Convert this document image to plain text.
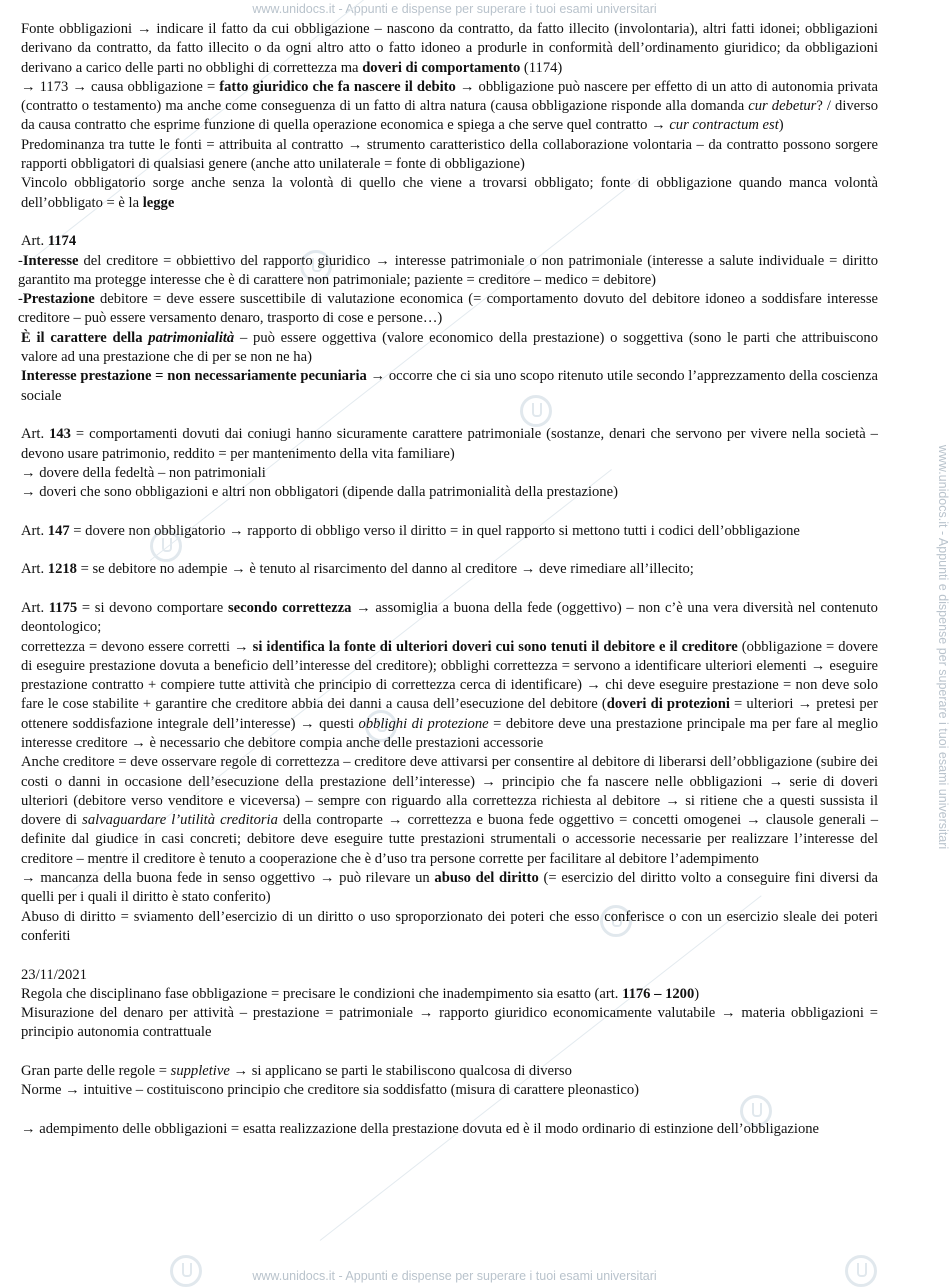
www.unidocs.it - Appunti e dispense per superare i tuoi esami universitari
www.unidocs.it - Appunti e dispense per superare i tuoi esami universitari
www.unidocs.it - Appunti e dispense per superare i tuoi esami universitari

Fonte obbligazioni → indicare il fatto da cui obbligazione – nascono da contratto, da fatto illecito (involontaria), altri fatti idonei; obbligazioni derivano da contratto, da fatto illecito o da ogni altro atto o fatto idoneo a produrle in conformità dell’ordinamento giuridico; da obbligazioni derivano a carico delle parti no obblighi di correttezza ma doveri di comportamento (1174)

→ 1173 → causa obbligazione = fatto giuridico che fa nascere il debito → obbligazione può nascere per effetto di un atto di autonomia privata (contratto o testamento) ma anche come conseguenza di un fatto di altra natura (causa obbligazione risponde alla domanda cur debetur? / diverso da causa contratto che esprime funzione di quella operazione economica e spiega a che serve quel contratto → cur contractum est)

Predominanza tra tutte le fonti = attribuita al contratto → strumento caratteristico della collaborazione volontaria – da contratto possono sorgere rapporti obbligatori di qualsiasi genere (anche atto unilaterale = fonte di obbligazione)

Vincolo obbligatorio sorge anche senza la volontà di quello che viene a trovarsi obbligato; fonte di obbligazione quando manca volontà dell’obbligato = è la legge

Art. 1174

-Interesse del creditore = obbiettivo del rapporto giuridico → interesse patrimoniale o non patrimoniale (interesse a salute individuale = diritto garantito ma protegge interesse che è di carattere non patrimoniale; paziente = creditore – medico = debitore)

-Prestazione debitore = deve essere suscettibile di valutazione economica (= comportamento dovuto del debitore idoneo a soddisfare interesse creditore – può essere versamento denaro, trasporto di cose e persone…)

È il carattere della patrimonialità – può essere oggettiva (valore economico della prestazione) o soggettiva (sono le parti che attribuiscono valore ad una prestazione che di per se non ne ha)

Interesse prestazione = non necessariamente pecuniaria → occorre che ci sia uno scopo ritenuto utile secondo l’apprezzamento della coscienza sociale

Art. 143 = comportamenti dovuti dai coniugi hanno sicuramente carattere patrimoniale (sostanze, denari che servono per vivere nella società – devono usare patrimonio, reddito = per mantenimento della vita familiare)

→ dovere della fedeltà – non patrimoniali

→ doveri che sono obbligazioni e altri non obbligatori (dipende dalla patrimonialità della prestazione)

Art. 147 = dovere non obbligatorio → rapporto di obbligo verso il diritto = in quel rapporto si mettono tutti i codici dell’obbligazione

Art. 1218 = se debitore no adempie → è tenuto al risarcimento del danno al creditore → deve rimediare all’illecito;

Art. 1175 = si devono comportare secondo correttezza → assomiglia a buona della fede (oggettivo) – non c’è una vera diversità nel contenuto deontologico;

correttezza = devono essere corretti → si identifica la fonte di ulteriori doveri cui sono tenuti il debitore e il creditore (obbligazione = dovere di eseguire prestazione dovuta a beneficio dell’interesse del creditore); obblighi correttezza = servono a identificare ulteriori elementi → eseguire prestazione contratto + compiere tutte attività che principio di correttezza cerca di identificare) → chi deve eseguire prestazione = non deve solo fare le cose stabilite + garantire che creditore abbia dei danni a causa dell’esecuzione del debitore (doveri di protezioni = ulteriori → pretesi per ottenere soddisfazione integrale dell’interesse) → questi obblighi di protezione = debitore deve una prestazione principale ma per fare al meglio interesse creditore → è necessario che debitore compia anche delle prestazioni accessorie

Anche creditore = deve osservare regole di correttezza – creditore deve attivarsi per consentire al debitore di liberarsi dell’obbligazione (subire dei costi o danni in occasione dell’esecuzione della prestazione dell’interesse) → principio che fa nascere nelle obbligazioni → serie di doveri ulteriori (debitore verso venditore e viceversa) – sempre con riguardo alla correttezza richiesta al debitore → si ritiene che a questi sussista il dovere di salvaguardare l’utilità creditoria della controparte → correttezza e buona fede oggettivo = concetti omogenei → clausole generali – definite dal giudice in casi concreti; debitore deve eseguire tutte prestazioni strumentali o accessorie necessarie per realizzare l’interesse del creditore – mentre il creditore è tenuto a cooperazione che è d’uso tra persone corrette per facilitare al debitore l’adempimento

→ mancanza della buona fede in senso oggettivo → può rilevare un abuso del diritto (= esercizio del diritto volto a conseguire fini diversi da quelli per i quali il diritto è stato conferito)

Abuso di diritto = sviamento dell’esercizio di un diritto o uso sproporzionato dei poteri che esso conferisce o con un esercizio sleale dei poteri conferiti

23/11/2021

Regola che disciplinano fase obbligazione = precisare le condizioni che inadempimento sia esatto (art. 1176 – 1200)

Misurazione del denaro per attività – prestazione = patrimoniale → rapporto giuridico economicamente valutabile → materia obbligazioni = principio autonomia contrattuale

Gran parte delle regole = suppletive → si applicano se parti le stabiliscono qualcosa di diverso

Norme → intuitive – costituiscono principio che creditore sia soddisfatto (misura di carattere pleonastico)

→ adempimento delle obbligazioni = esatta realizzazione della prestazione dovuta ed è il modo ordinario di estinzione dell’obbligazione
